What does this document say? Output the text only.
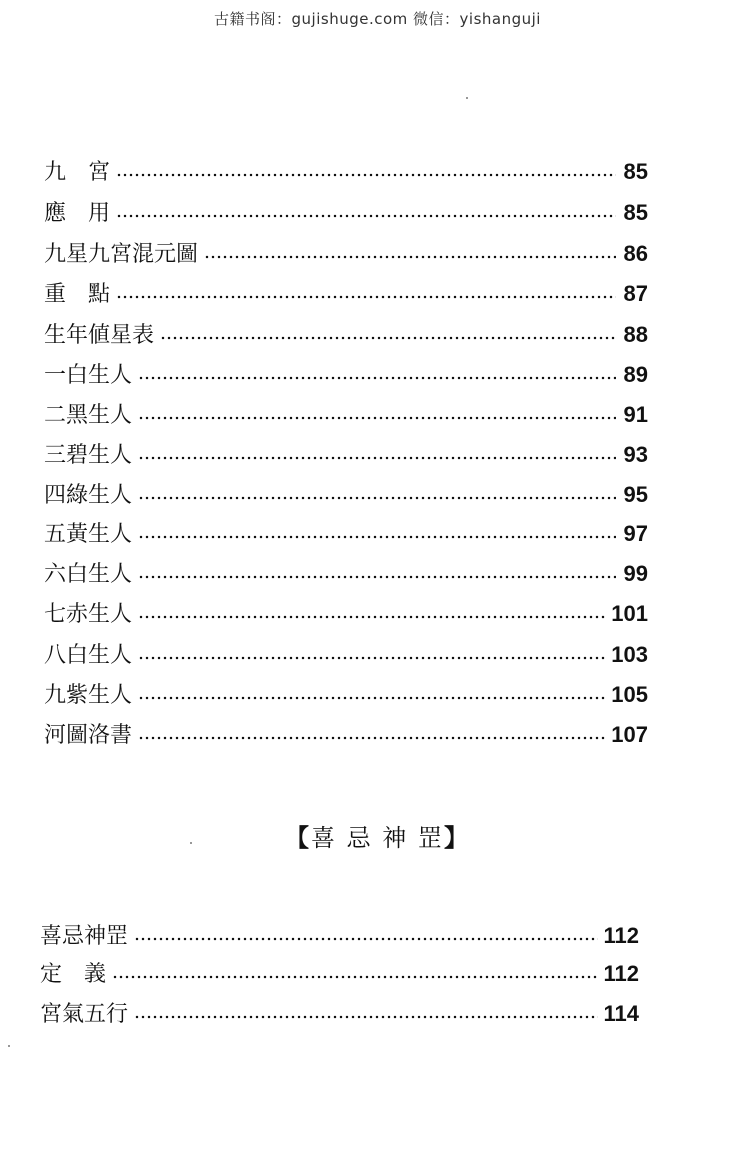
古籍书阁：gujishuge.com 微信：yishanguji
九　宮	85
應　用	85
九星九宮混元圖	86
重　點	87
生年値星表	88
一白生人	89
二黑生人	91
三碧生人	93
四綠生人	95
五黃生人	97
六白生人	99
七赤生人	101
八白生人	103
九紫生人	105
河圖洛書	107
【喜 忌 神 罡】
喜忌神罡	112
定　義	112
宮氣五行	114
